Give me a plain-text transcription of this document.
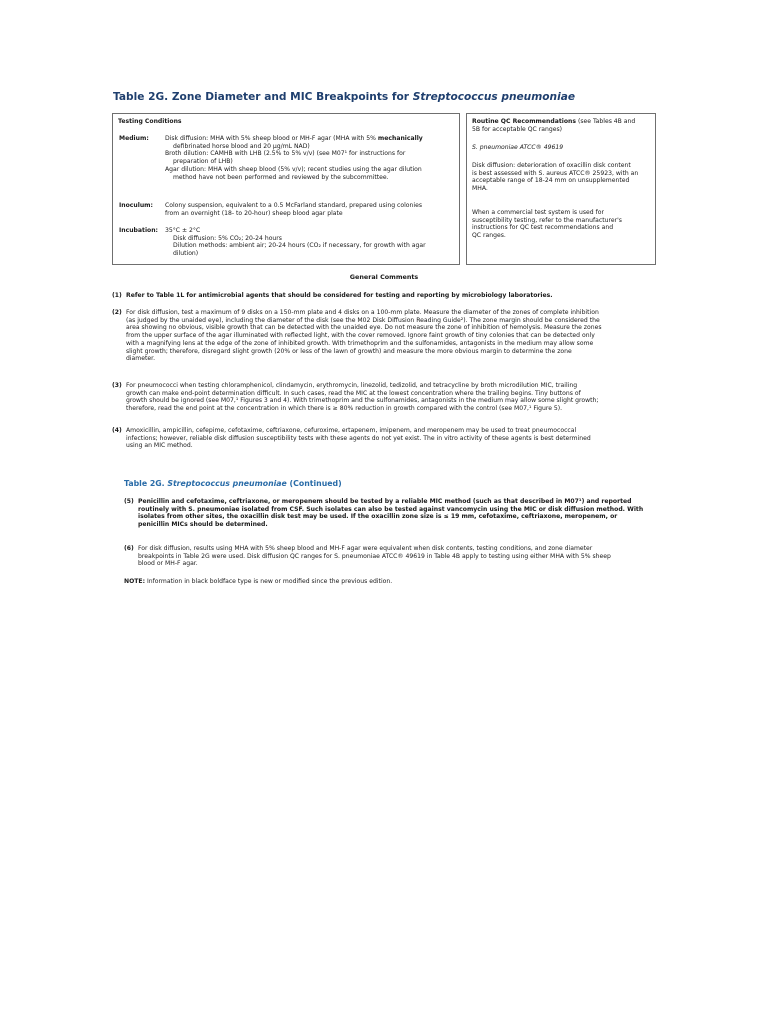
Table 2G. Zone Diameter and MIC Breakpoints for Streptococcus pneumoniae
Testing Conditions
Medium:	Disk diffusion: MHA with 5% sheep blood or MH-F agar (MHA with 5% mechanically
defibrinated horse blood and 20 µg/mL NAD)
Broth dilution: CAMHB with LHB (2.5% to 5% v/v) (see M07¹ for instructions for
preparation of LHB)
Agar dilution: MHA with sheep blood (5% v/v); recent studies using the agar dilution
method have not been performed and reviewed by the subcommittee.
Inoculum: Colony suspension, equivalent to a 0.5 McFarland standard, prepared using colonies
from an overnight (18- to 20-hour) sheep blood agar plate
Incubation: 35°C ± 2°C
Disk diffusion: 5% CO₂; 20-24 hours
Dilution methods: ambient air; 20-24 hours (CO₂ if necessary, for growth with agar
dilution)
Routine QC Recommendations (see Tables 4B and
5B for acceptable QC ranges)
S. pneumoniae ATCC® 49619
Disk diffusion: deterioration of oxacillin disk content
is best assessed with S. aureus ATCC® 25923, with an
acceptable range of 18-24 mm on unsupplemented
MHA.
When a commercial test system is used for
susceptibility testing, refer to the manufacturer's
instructions for QC test recommendations and
QC ranges.
General Comments
(1) Refer to Table 1L for antimicrobial agents that should be considered for testing and reporting by microbiology laboratories.
(2) For disk diffusion, test a maximum of 9 disks on a 150-mm plate and 4 disks on a 100-mm plate. Measure the diameter of the zones of complete inhibition
(as judged by the unaided eye), including the diameter of the disk (see the M02 Disk Diffusion Reading Guide²). The zone margin should be considered the
area showing no obvious, visible growth that can be detected with the unaided eye. Do not measure the zone of inhibition of hemolysis. Measure the zones
from the upper surface of the agar illuminated with reflected light, with the cover removed. Ignore faint growth of tiny colonies that can be detected only
with a magnifying lens at the edge of the zone of inhibited growth. With trimethoprim and the sulfonamides, antagonists in the medium may allow some
slight growth; therefore, disregard slight growth (20% or less of the lawn of growth) and measure the more obvious margin to determine the zone
diameter.
(3) For pneumococci when testing chloramphenicol, clindamycin, erythromycin, linezolid, tedizolid, and tetracycline by broth microdilution MIC, trailing
growth can make end-point determination difficult. In such cases, read the MIC at the lowest concentration where the trailing begins. Tiny buttons of
growth should be ignored (see M07,¹ Figures 3 and 4). With trimethoprim and the sulfonamides, antagonists in the medium may allow some slight growth;
therefore, read the end point at the concentration in which there is ≥ 80% reduction in growth compared with the control (see M07,¹ Figure 5).
(4) Amoxicillin, ampicillin, cefepime, cefotaxime, ceftriaxone, cefuroxime, ertapenem, imipenem, and meropenem may be used to treat pneumococcal
infections; however, reliable disk diffusion susceptibility tests with these agents do not yet exist. The in vitro activity of these agents is best determined
using an MIC method.
Table 2G. Streptococcus pneumoniae (Continued)
(5) Penicillin and cefotaxime, ceftriaxone, or meropenem should be tested by a reliable MIC method (such as that described in M07¹) and reported
routinely with S. pneumoniae isolated from CSF. Such isolates can also be tested against vancomycin using the MIC or disk diffusion method. With
isolates from other sites, the oxacillin disk test may be used. If the oxacillin zone size is ≤ 19 mm, cefotaxime, ceftriaxone, meropenem, or
penicillin MICs should be determined.
(6) For disk diffusion, results using MHA with 5% sheep blood and MH-F agar were equivalent when disk contents, testing conditions, and zone diameter
breakpoints in Table 2G were used. Disk diffusion QC ranges for S. pneumoniae ATCC® 49619 in Table 4B apply to testing using either MHA with 5% sheep
blood or MH-F agar.
NOTE: Information in black boldface type is new or modified since the previous edition.
